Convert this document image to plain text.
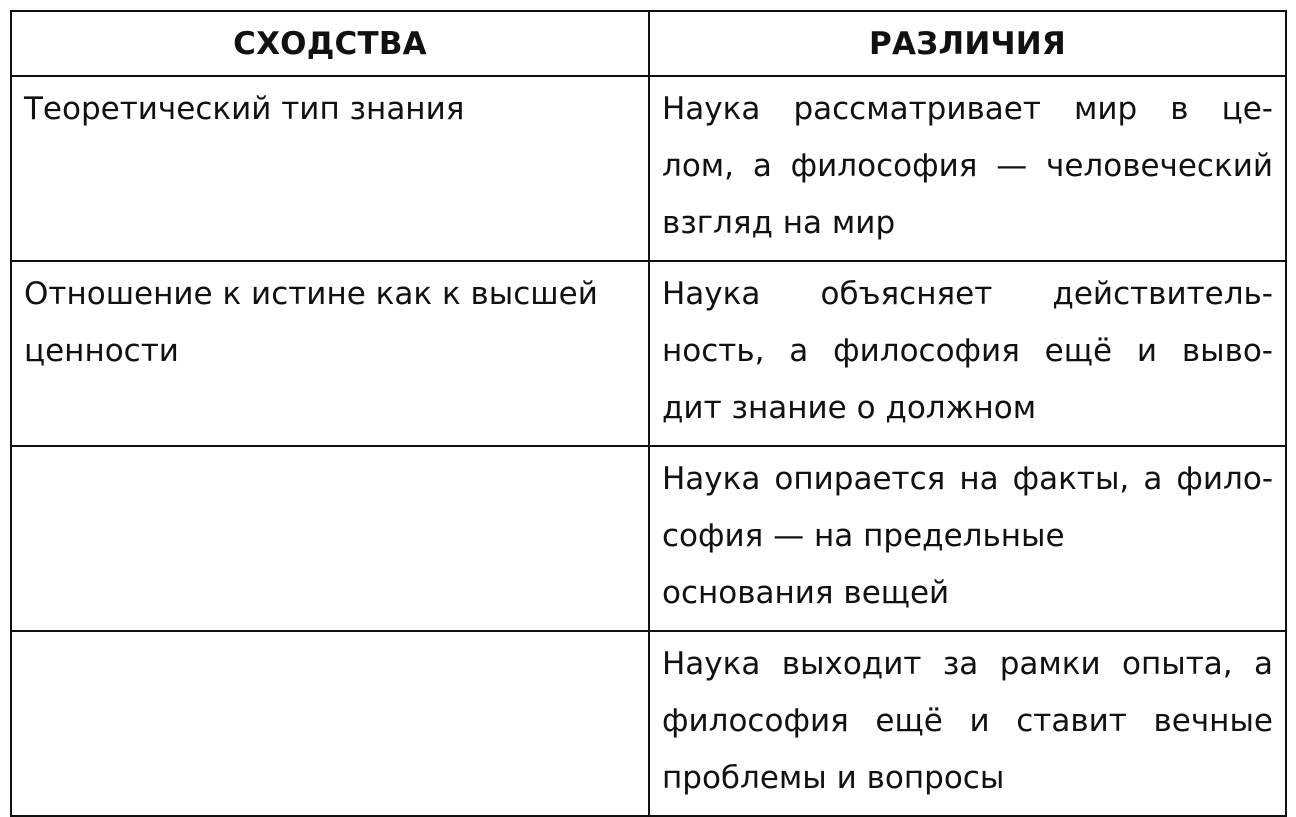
СХОДСТВА	РАЗЛИЧИЯ

Теоретический тип знания	Наука рассматривает мир в це-
лом, а философия — человеческий
взгляд на мир

Отношение к истине как к высшей
ценности	Наука объясняет действитель-
ность, а философия ещё и выво-
дит знание о должном

	Наука опирается на факты, а фило-
софия — на предельные
основания вещей

	Наука выходит за рамки опыта, а
философия ещё и ставит вечные
проблемы и вопросы
